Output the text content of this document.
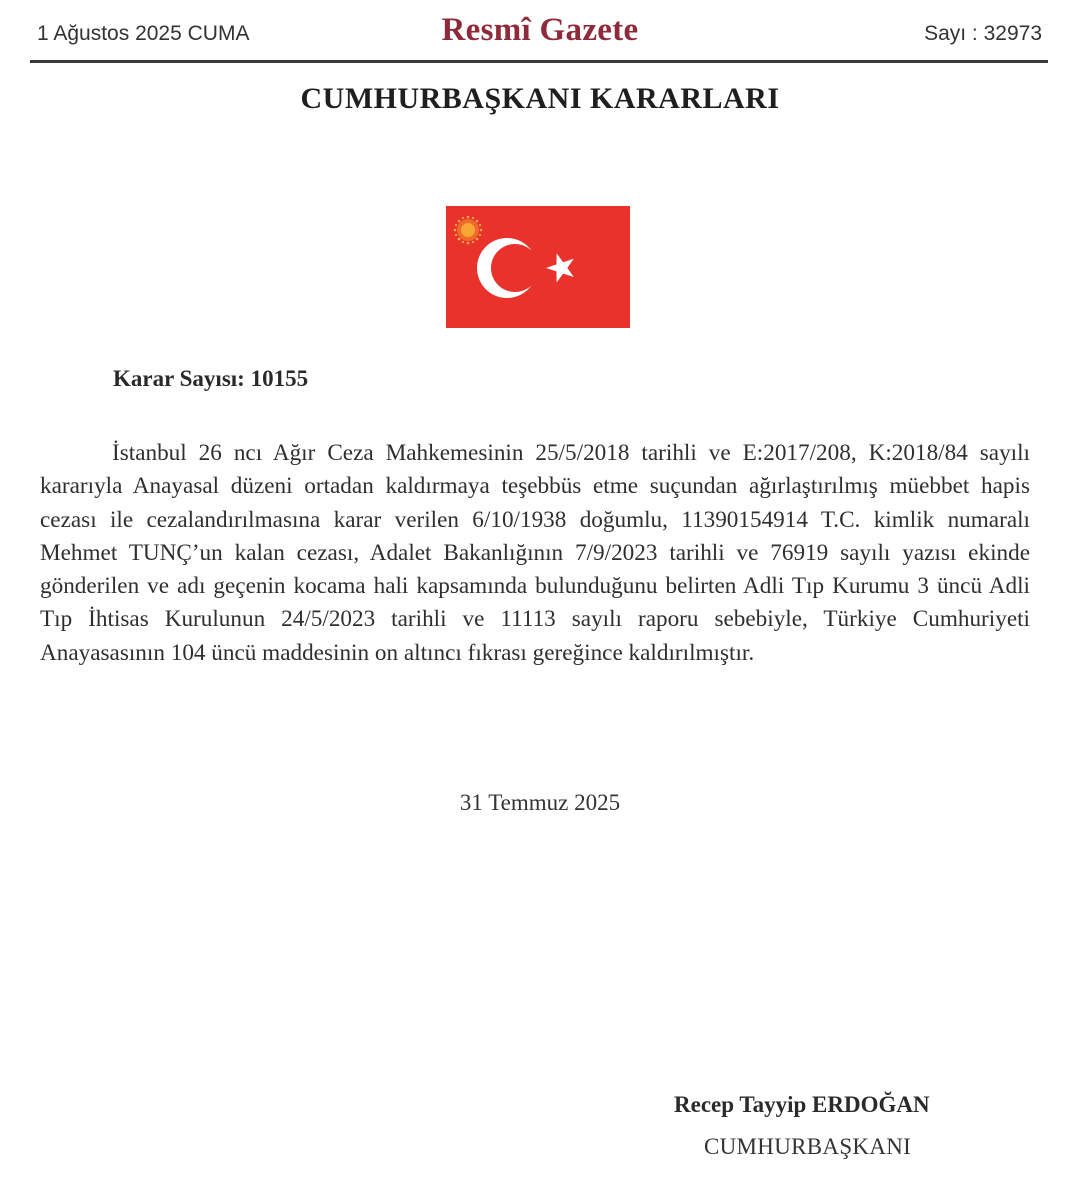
1 Ağustos 2025 CUMA	Resmî Gazete	Sayı : 32973
CUMHURBAŞKANI KARARLARI
Karar Sayısı: 10155
İstanbul 26 ncı Ağır Ceza Mahkemesinin 25/5/2018 tarihli ve E:2017/208, K:2018/84 sayılı kararıyla Anayasal düzeni ortadan kaldırmaya teşebbüs etme suçundan ağırlaştırılmış müebbet hapis cezası ile cezalandırılmasına karar verilen 6/10/1938 doğumlu, 11390154914 T.C. kimlik numaralı Mehmet TUNÇ’un kalan cezası, Adalet Bakanlığının 7/9/2023 tarihli ve 76919 sayılı yazısı ekinde gönderilen ve adı geçenin kocama hali kapsamında bulunduğunu belirten Adli Tıp Kurumu 3 üncü Adli Tıp İhtisas Kurulunun 24/5/2023 tarihli ve 11113 sayılı raporu sebebiyle, Türkiye Cumhuriyeti Anayasasının 104 üncü maddesinin on altıncı fıkrası gereğince kaldırılmıştır.
31 Temmuz 2025
Recep Tayyip ERDOĞAN
CUMHURBAŞKANI
